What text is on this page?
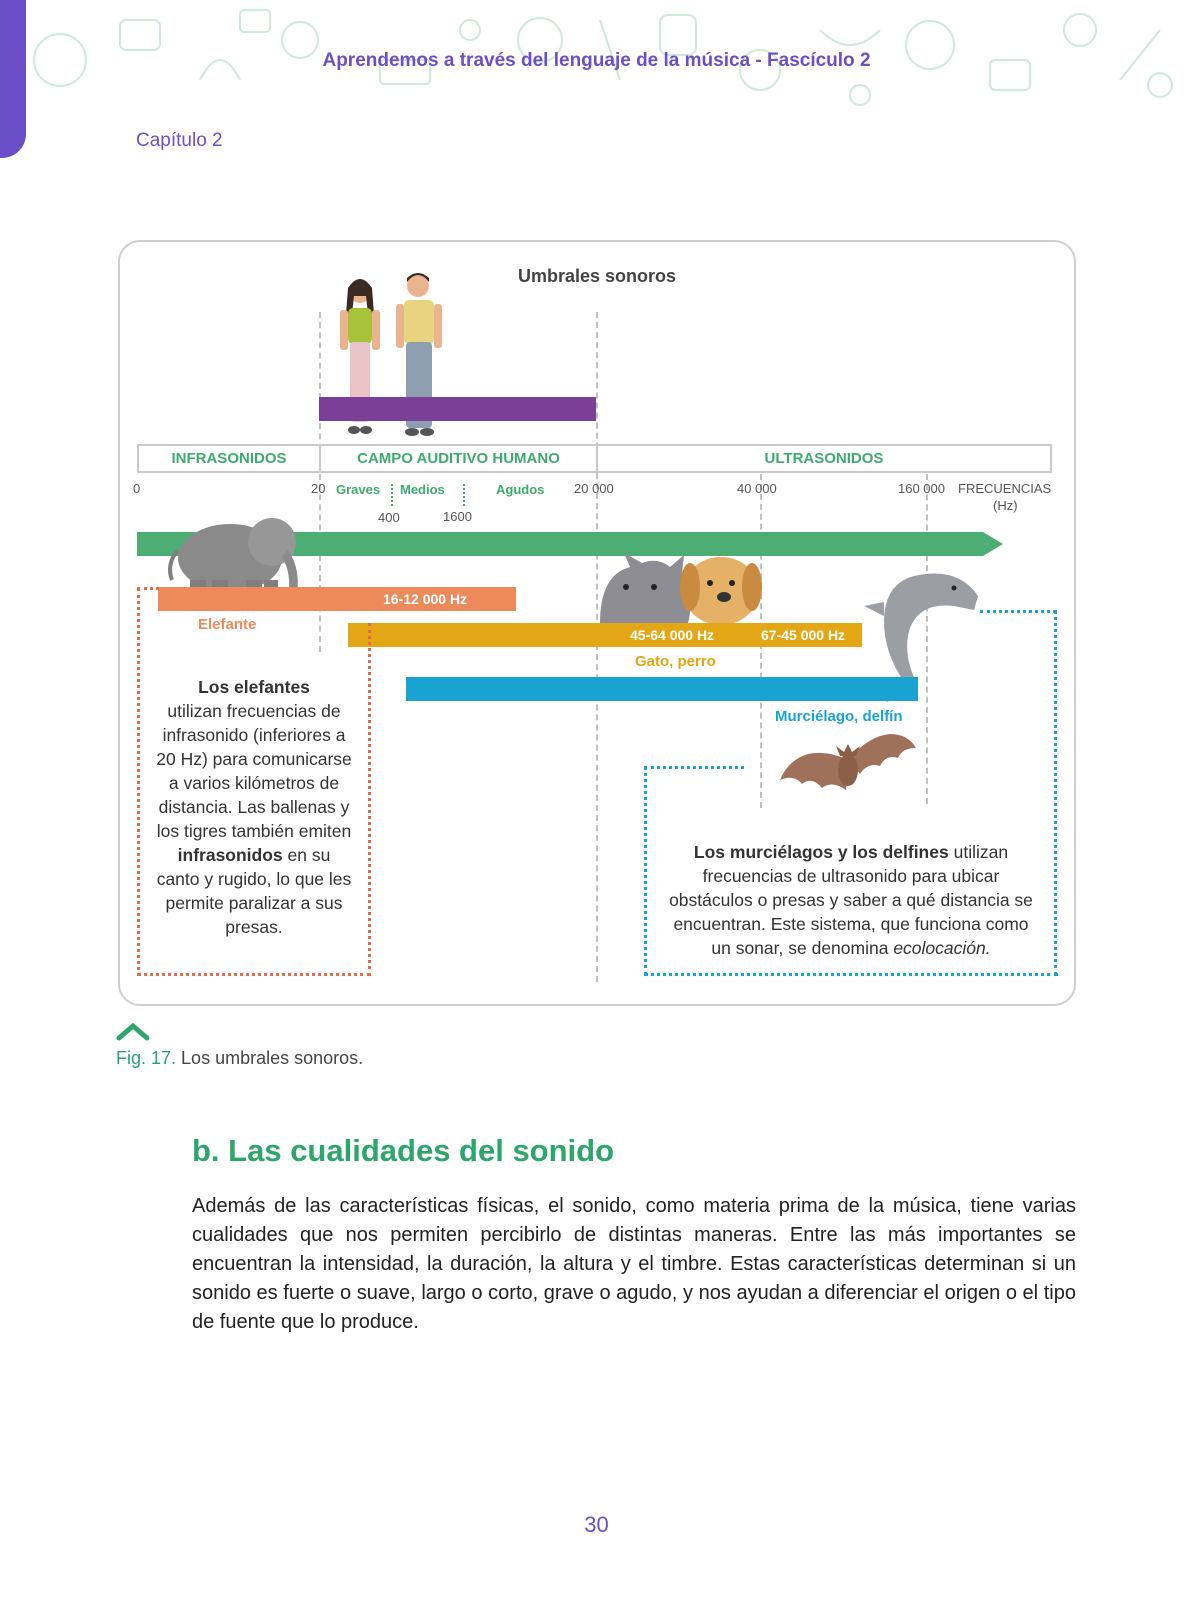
Aprendemos a través del lenguaje de la música - Fascículo 2
Capítulo 2
Umbrales sonoros
INFRASONIDOS	CAMPO AUDITIVO HUMANO	ULTRASONIDOS
0	20 Graves Medios	Agudos 20 000	40 000	160 000 FRECUENCIAS
(Hz)
400	1600
16-12 000 Hz
Elefante
45-64 000 Hz	67-45 000 Hz
Gato, perro
Murciélago, delfín
Los elefantes
utilizan frecuencias de infrasonido (inferiores a 20 Hz) para comunicarse a varios kilómetros de distancia. Las ballenas y los tigres también emiten infrasonidos en su canto y rugido, lo que les permite paralizar a sus presas.
Los murciélagos y los delfines utilizan frecuencias de ultrasonido para ubicar obstáculos o presas y saber a qué distancia se encuentran. Este sistema, que funciona como un sonar, se denomina ecolocación.
Fig. 17. Los umbrales sonoros.
b. Las cualidades del sonido
Además de las características físicas, el sonido, como materia prima de la música, tiene varias cualidades que nos permiten percibirlo de distintas maneras. Entre las más importantes se encuentran la intensidad, la duración, la altura y el timbre. Estas características determinan si un sonido es fuerte o suave, largo o corto, grave o agudo, y nos ayudan a diferenciar el origen o el tipo de fuente que lo produce.
30
